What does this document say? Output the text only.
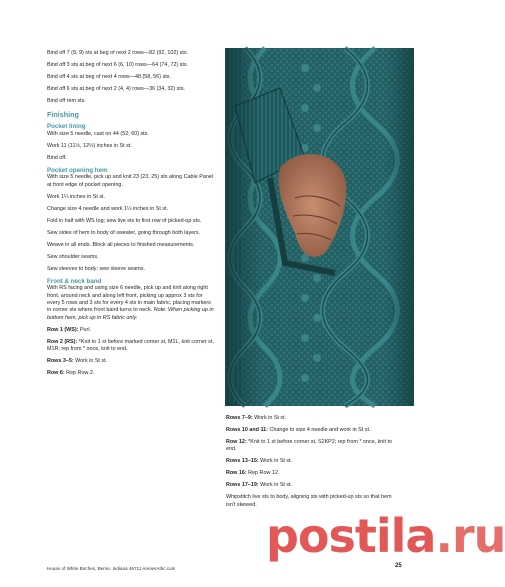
Bind off 7 (8, 9) sts at beg of next 2 rows—82 (92, 102) sts.

Bind off 3 sts at beg of next 6 (6, 10) rows—64 (74, 72) sts.

Bind off 4 sts at beg of next 4 rows—48 (58, 56) sts.

Bind off 6 sts at beg of next 2 (4, 4) rows—36 (34, 32) sts.

Bind off rem sts.

Finishing
Pocket lining

With size 5 needle, cast on 44 (52, 60) sts.

Work 11 (11½, 12½) inches in St st.

Bind off.

Pocket opening hem

With size 5 needle, pick up and knit 23 (23, 25) sts along Cable Panel at front edge of pocket opening.

Work 1¼ inches in St st.

Change size 4 needle and work 1¼ inches in St st.

Fold in half with WS tog; sew live sts to first row of picked-up sts.

Sew sides of hem to body of sweater, going through both layers.

Weave in all ends. Block all pieces to finished measurements.

Sew shoulder seams.

Sew sleeves to body; sew sleeve seams.

Front & neck band

With RS facing and using size 6 needle, pick up and knit along right front, around neck and along left front, picking up approx 3 sts for every 5 rows and 3 sts for every 4 sts in main fabric, placing markers in corner sts where front band turns to neck. Note: When picking up in bottom hem, pick up in RS fabric only.

Row 1 (WS): Purl.

Row 2 (RS): *Knit to 1 st before marked corner st, M1L, knit corner st, M1R; rep from * once, knit to end.

Rows 3–5: Work in St st.

Row 6: Rep Row 2.

Rows 7–9: Work in St st.

Rows 10 and 11: Change to size 4 needle and work in St st.

Row 12: *Knit to 1 st before corner st, S2KP2; rep from * once, knit to end.

Rows 13–15: Work in St st.

Row 16: Rep Row 12.

Rows 17–19: Work in St st.

Whipstitch live sts to body, aligning sts with picked-up sts so that hem isn't skewed.

postila.ru
House of White Birches, Berne, Indiana 46711 AnniesAttic.com	25
